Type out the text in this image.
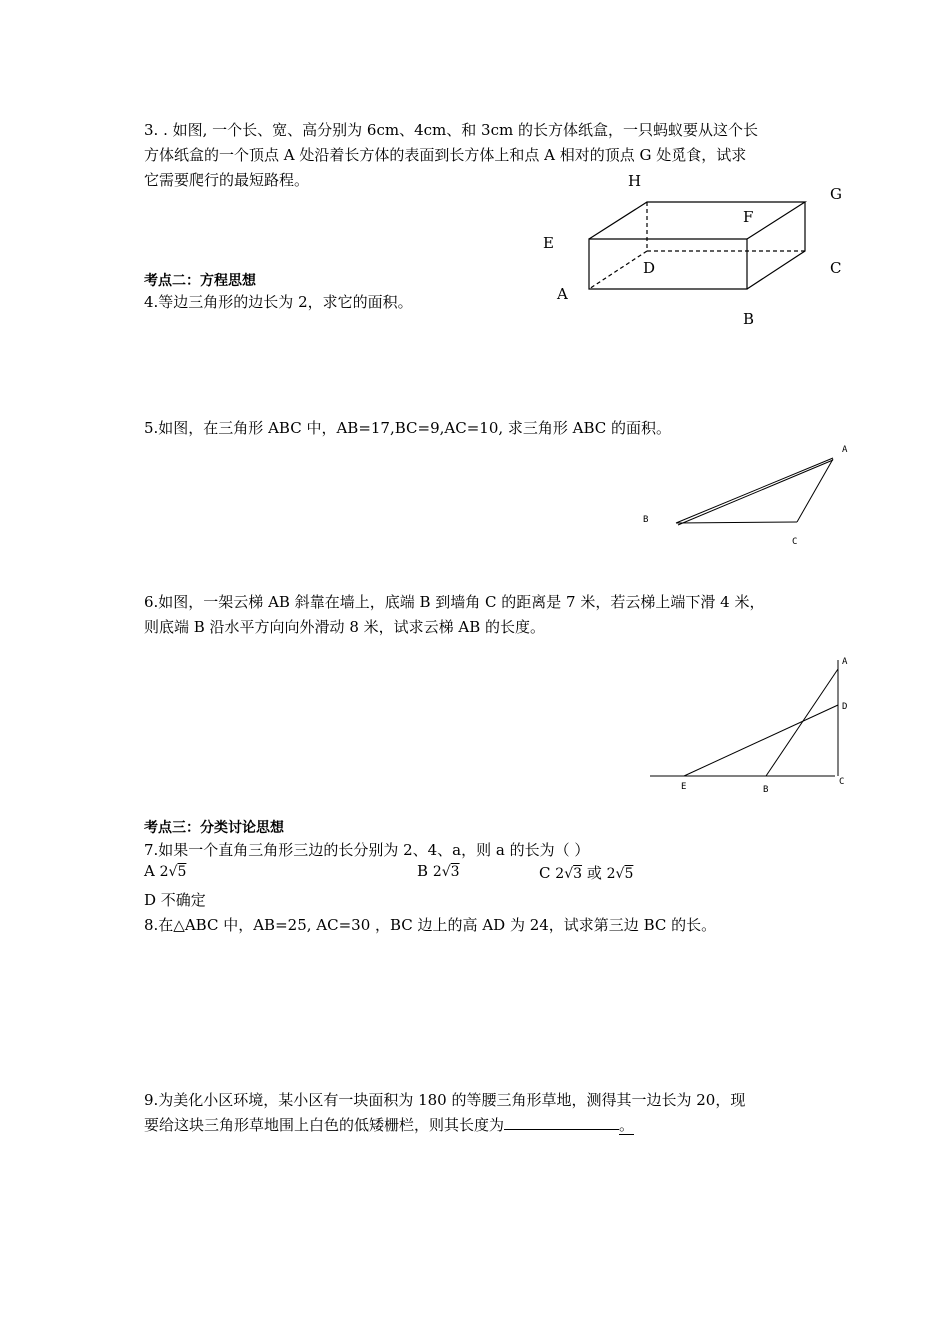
3. . 如图, 一个长、宽、高分别为 6cm、4cm、和 3cm 的长方体纸盒，一只蚂蚁要从这个长
方体纸盒的一个顶点 A 处沿着长方体的表面到长方体上和点 A 相对的顶点 G 处觅食，试求
它需要爬行的最短路程。	H
G
F
E
D	C
A
B
考点二：方程思想
4.等边三角形的边长为 2，求它的面积。
5.如图，在三角形 ABC 中，AB=17,BC=9,AC=10, 求三角形 ABC 的面积。
A
B
C
6.如图，一架云梯 AB 斜靠在墙上，底端 B 到墙角 C 的距离是 7 米，若云梯上端下滑 4 米，
则底端 B 沿水平方向向外滑动 8 米，试求云梯 AB 的长度。
A
D
C
E	B
考点三：分类讨论思想
7.如果一个直角三角形三边的长分别为 2、4、a，则 a 的长为（ ）
A 2√5	B 2√3	C 2√3 或 2√5
D 不确定
8.在△ABC 中，AB=25, AC=30 ，BC 边上的高 AD 为 24，试求第三边 BC 的长。
9.为美化小区环境，某小区有一块面积为 180 的等腰三角形草地，测得其一边长为 20，现
要给这块三角形草地围上白色的低矮栅栏，则其长度为	。
